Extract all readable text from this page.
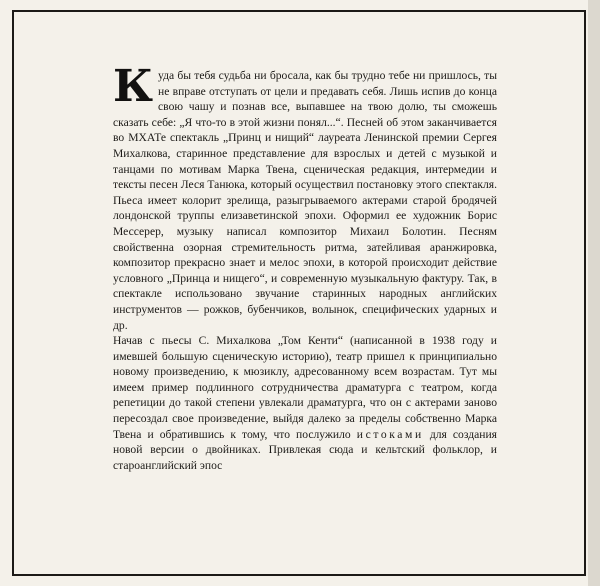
Куда бы тебя судьба ни бросала, как бы трудно тебе ни пришлось, ты не вправе отступать от цели и предавать себя. Лишь испив до конца свою чашу и познав все, выпавшее на твою долю, ты сможешь сказать себе: „Я что-то в этой жизни понял...“. Песней об этом заканчивается во МХАТе спектакль „Принц и нищий“ лауреата Ленинской премии Сергея Михалкова, старинное представление для взрослых и детей с музыкой и танцами по мотивам Марка Твена, сценическая редакция, интермедии и тексты песен Леся Танюка, который осуществил постановку этого спектакля. Пьеса имеет колорит зрелища, разыгрываемого актерами старой бродячей лондонской труппы елизаветинской эпохи. Оформил ее художник Борис Мессерер, музыку написал композитор Михаил Болотин. Песням свойственна озорная стремительность ритма, затейливая аранжировка, композитор прекрасно знает и мелос эпохи, в которой происходит действие условного „Принца и нищего“, и современную музыкальную фактуру. Так, в спектакле использовано звучание старинных народных английских инструментов — рожков, бубенчиков, волынок, специфических ударных и др.

Начав с пьесы С. Михалкова „Том Кенти“ (написанной в 1938 году и имевшей большую сценическую историю), театр пришел к принципиально новому произведению, к мюзиклу, адресованному всем возрастам. Тут мы имеем пример подлинного сотрудничества драматурга с театром, когда репетиции до такой степени увлекали драматурга, что он с актерами заново пересоздал свое произведение, выйдя далеко за пределы собственно Марка Твена и обратившись к тому, что послужило истоками для создания новой версии о двойниках. Привлекая сюда и кельтский фольклор, и староанглийский эпос
